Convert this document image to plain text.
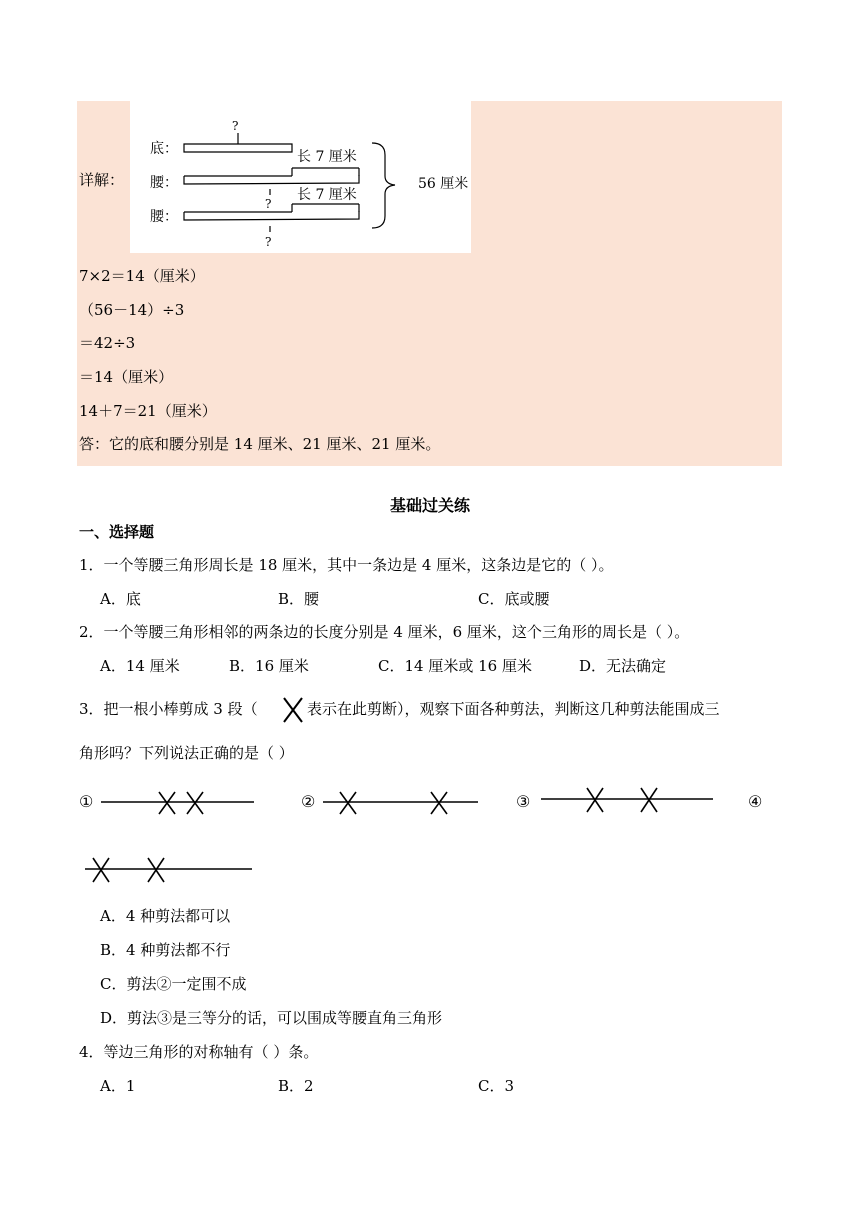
详解：
底：
腰：
腰：
?
?
?
长 7 厘米
长 7 厘米
56 厘米
7×2＝14（厘米）
（56－14）÷3
＝42÷3
＝14（厘米）
14＋7＝21（厘米）
答：它的底和腰分别是 14 厘米、21 厘米、21 厘米。
基础过关练
一、选择题
1．一个等腰三角形周长是 18 厘米，其中一条边是 4 厘米，这条边是它的（ ）。
A．底	B．腰	C．底或腰
2．一个等腰三角形相邻的两条边的长度分别是 4 厘米，6 厘米，这个三角形的周长是（ ）。
A．14 厘米	B．16 厘米	C．14 厘米或 16 厘米	D．无法确定
3．把一根小棒剪成 3 段（	表示在此剪断），观察下面各种剪法，判断这几种剪法能围成三
角形吗？下列说法正确的是（ ）
①	②	③	④
A．4 种剪法都可以
B．4 种剪法都不行
C．剪法②一定围不成
D．剪法③是三等分的话，可以围成等腰直角三角形
4．等边三角形的对称轴有（ ）条。
A．1	B．2	C．3
